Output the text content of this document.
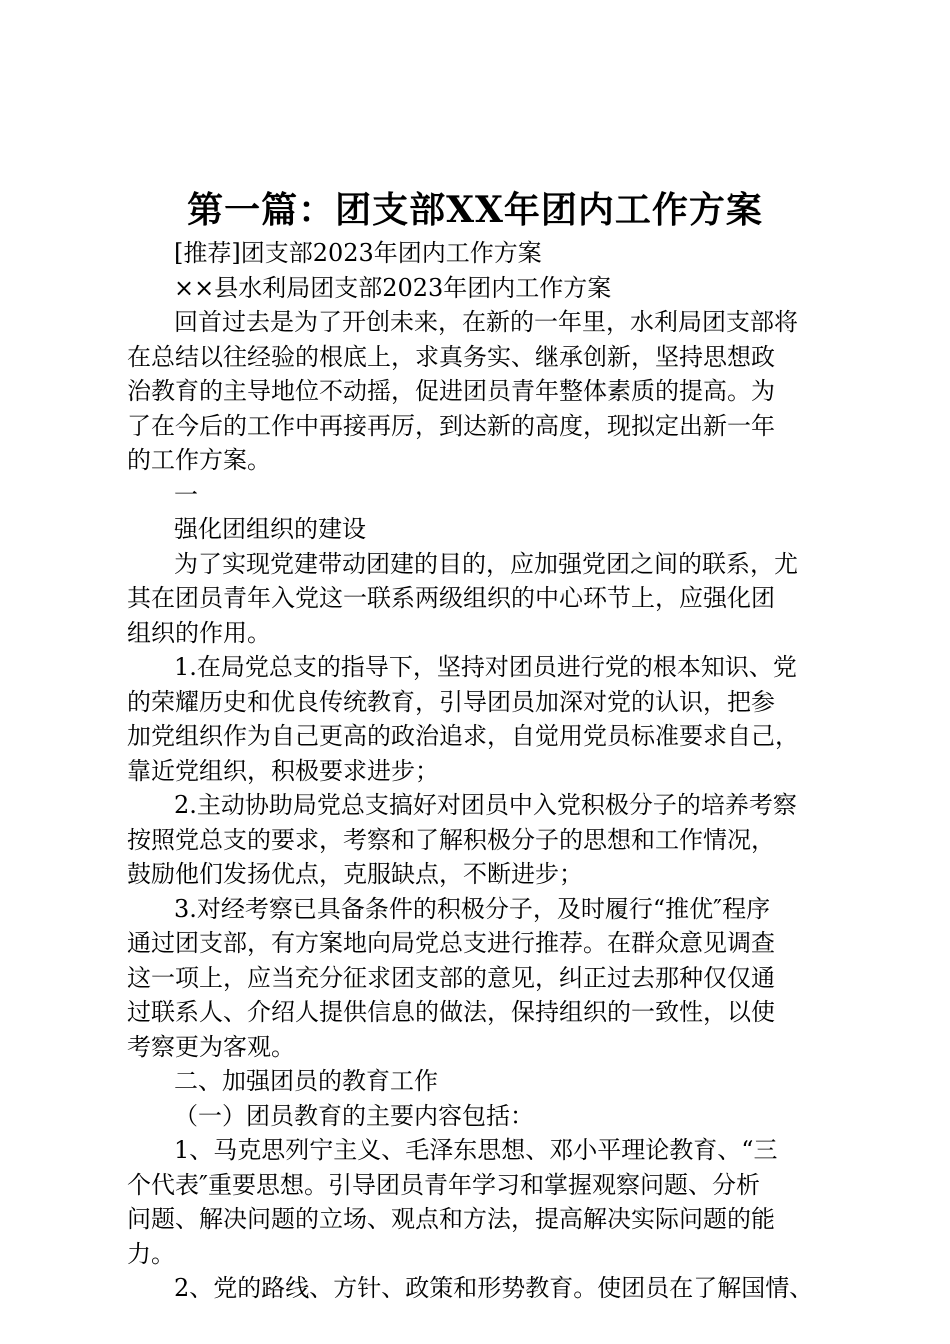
第一篇：团支部XX年团内工作方案
[推荐]团支部2023年团内工作方案
××县水利局团支部2023年团内工作方案
回首过去是为了开创未来，在新的一年里，水利局团支部将
在总结以往经验的根底上，求真务实、继承创新，坚持思想政
治教育的主导地位不动摇，促进团员青年整体素质的提高。为
了在今后的工作中再接再厉，到达新的高度，现拟定出新一年
的工作方案。
一
强化团组织的建设
为了实现党建带动团建的目的，应加强党团之间的联系，尤
其在团员青年入党这一联系两级组织的中心环节上，应强化团
组织的作用。
1.在局党总支的指导下，坚持对团员进行党的根本知识、党
的荣耀历史和优良传统教育，引导团员加深对党的认识，把参
加党组织作为自己更高的政治追求，自觉用党员标准要求自己，
靠近党组织，积极要求进步；
2.主动协助局党总支搞好对团员中入党积极分子的培养考察
按照党总支的要求，考察和了解积极分子的思想和工作情况，
鼓励他们发扬优点，克服缺点，不断进步；
3.对经考察已具备条件的积极分子，及时履行“推优″程序
通过团支部，有方案地向局党总支进行推荐。在群众意见调查
这一项上，应当充分征求团支部的意见，纠正过去那种仅仅通
过联系人、介绍人提供信息的做法，保持组织的一致性，以使
考察更为客观。
二、加强团员的教育工作
（一）团员教育的主要内容包括：
1、马克思列宁主义、毛泽东思想、邓小平理论教育、“三
个代表″重要思想。引导团员青年学习和掌握观察问题、分析
问题、解决问题的立场、观点和方法，提高解决实际问题的能
力。
2、党的路线、方针、政策和形势教育。使团员在了解国情、
